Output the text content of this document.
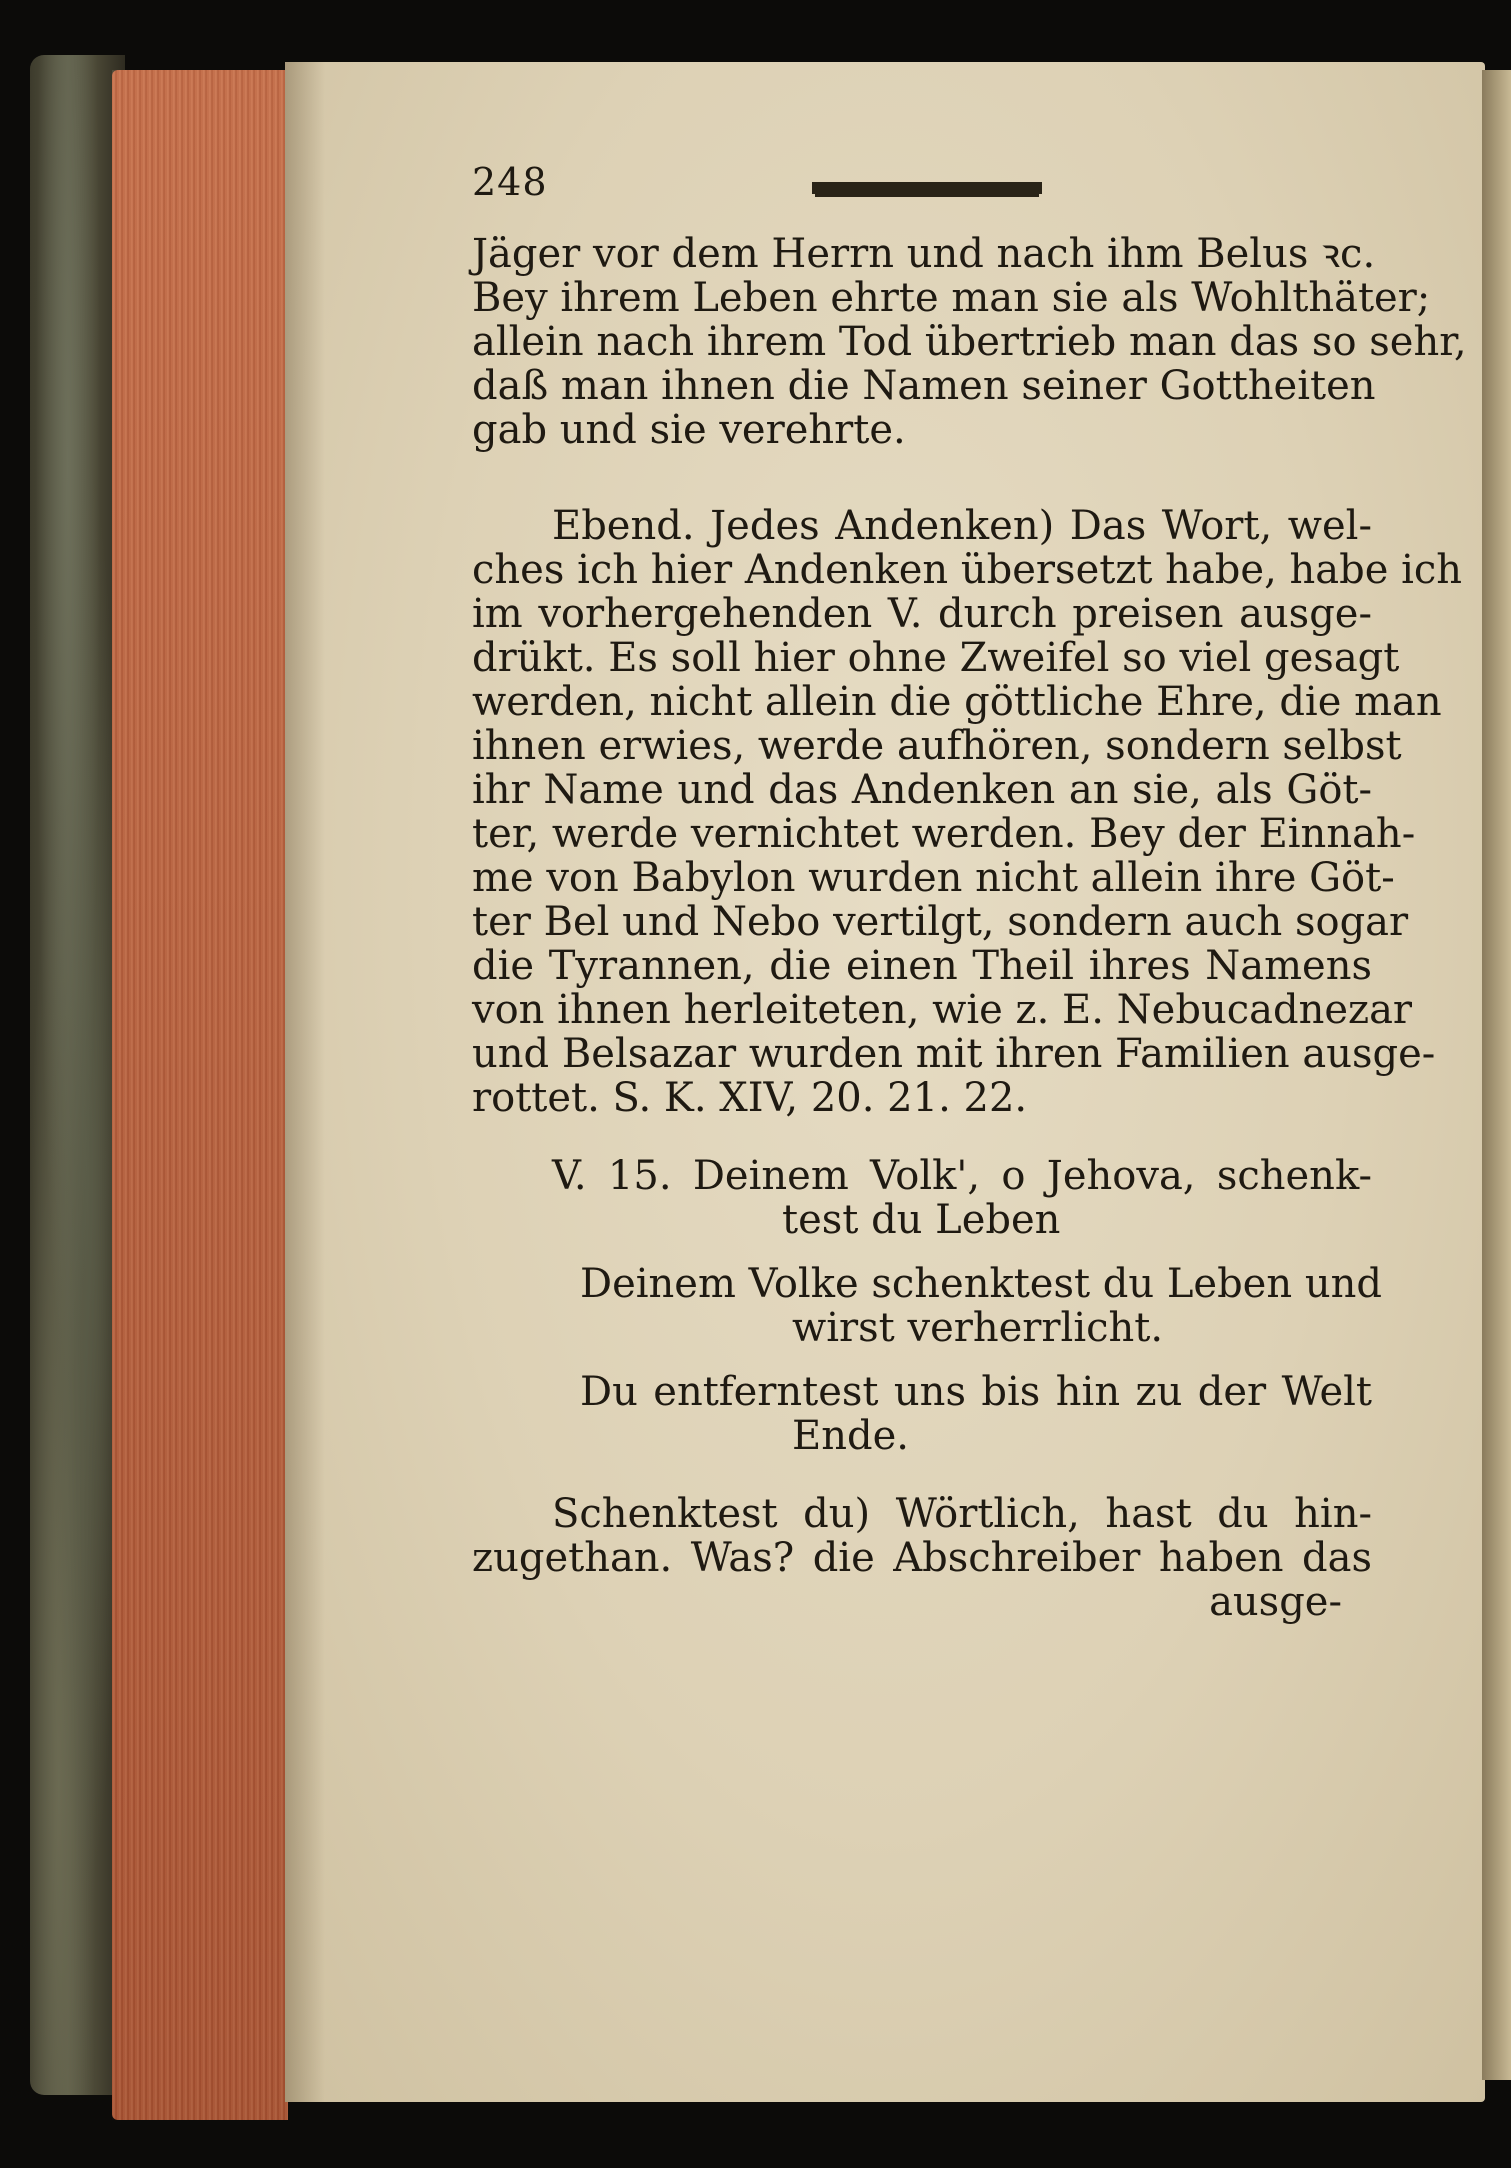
248
Jäger vor dem Herrn und nach ihm Belus ꝛc.
Bey ihrem Leben ehrte man sie als Wohlthäter;
allein nach ihrem Tod übertrieb man das so sehr,
daß man ihnen die Namen seiner Gottheiten
gab und sie verehrte.
Ebend. Jedes Andenken) Das Wort, wel-
ches ich hier Andenken übersetzt habe, habe ich
im vorhergehenden V. durch preisen ausge-
drükt. Es soll hier ohne Zweifel so viel gesagt
werden, nicht allein die göttliche Ehre, die man
ihnen erwies, werde aufhören, sondern selbst
ihr Name und das Andenken an sie, als Göt-
ter, werde vernichtet werden. Bey der Einnah-
me von Babylon wurden nicht allein ihre Göt-
ter Bel und Nebo vertilgt, sondern auch sogar
die Tyrannen, die einen Theil ihres Namens
von ihnen herleiteten, wie z. E. Nebucadnezar
und Belsazar wurden mit ihren Familien ausge-
rottet. S. K. XIV, 20. 21. 22.
V. 15. Deinem Volk', o Jehova, schenk-
test du Leben
Deinem Volke schenktest du Leben und
wirst verherrlicht.
Du entferntest uns bis hin zu der Welt
Ende.
Schenktest du) Wörtlich, hast du hin-
zugethan. Was? die Abschreiber haben das
ausge-
